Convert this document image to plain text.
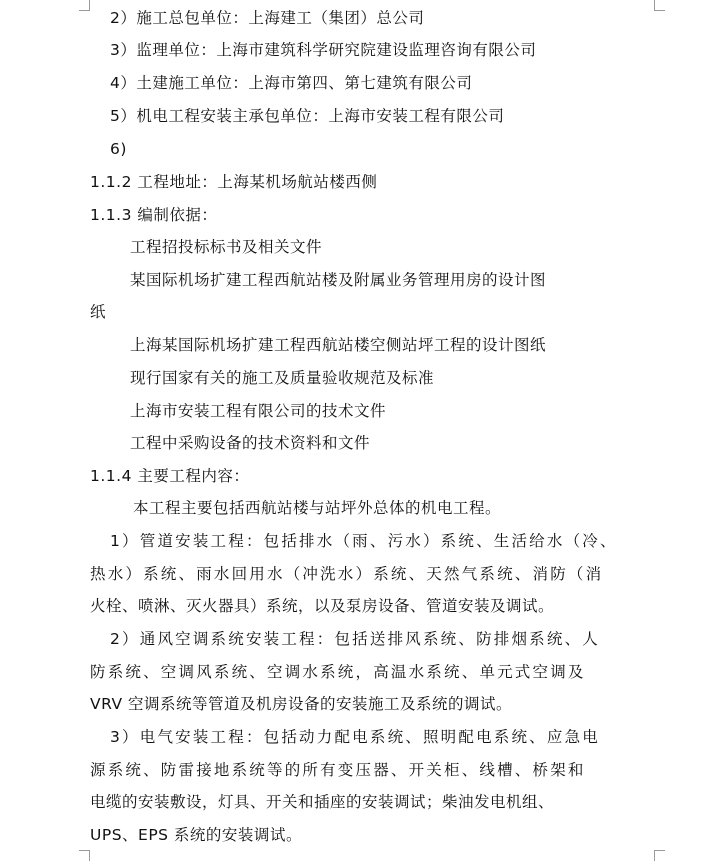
2）施工总包单位：上海建工（集团）总公司
3）监理单位：上海市建筑科学研究院建设监理咨询有限公司
4）土建施工单位：上海市第四、第七建筑有限公司
5）机电工程安装主承包单位：上海市安装工程有限公司
6)
1.1.2 工程地址：上海某机场航站楼西侧
1.1.3 编制依据：
工程招投标标书及相关文件
某国际机场扩建工程西航站楼及附属业务管理用房的设计图
纸
上海某国际机场扩建工程西航站楼空侧站坪工程的设计图纸
现行国家有关的施工及质量验收规范及标准
上海市安装工程有限公司的技术文件
工程中采购设备的技术资料和文件
1.1.4 主要工程内容：
本工程主要包括西航站楼与站坪外总体的机电工程。
1）管道安装工程：包括排水（雨、污水）系统、生活给水（冷、
热水）系统、雨水回用水（冲洗水）系统、天然气系统、消防（消
火栓、喷淋、灭火器具）系统，以及泵房设备、管道安装及调试。
2）通风空调系统安装工程：包括送排风系统、防排烟系统、人
防系统、空调风系统、空调水系统，高温水系统、单元式空调及
VRV 空调系统等管道及机房设备的安装施工及系统的调试。
3）电气安装工程：包括动力配电系统、照明配电系统、应急电
源系统、防雷接地系统等的所有变压器、开关柜、线槽、桥架和
电缆的安装敷设，灯具、开关和插座的安装调试；柴油发电机组、
UPS、EPS 系统的安装调试。
